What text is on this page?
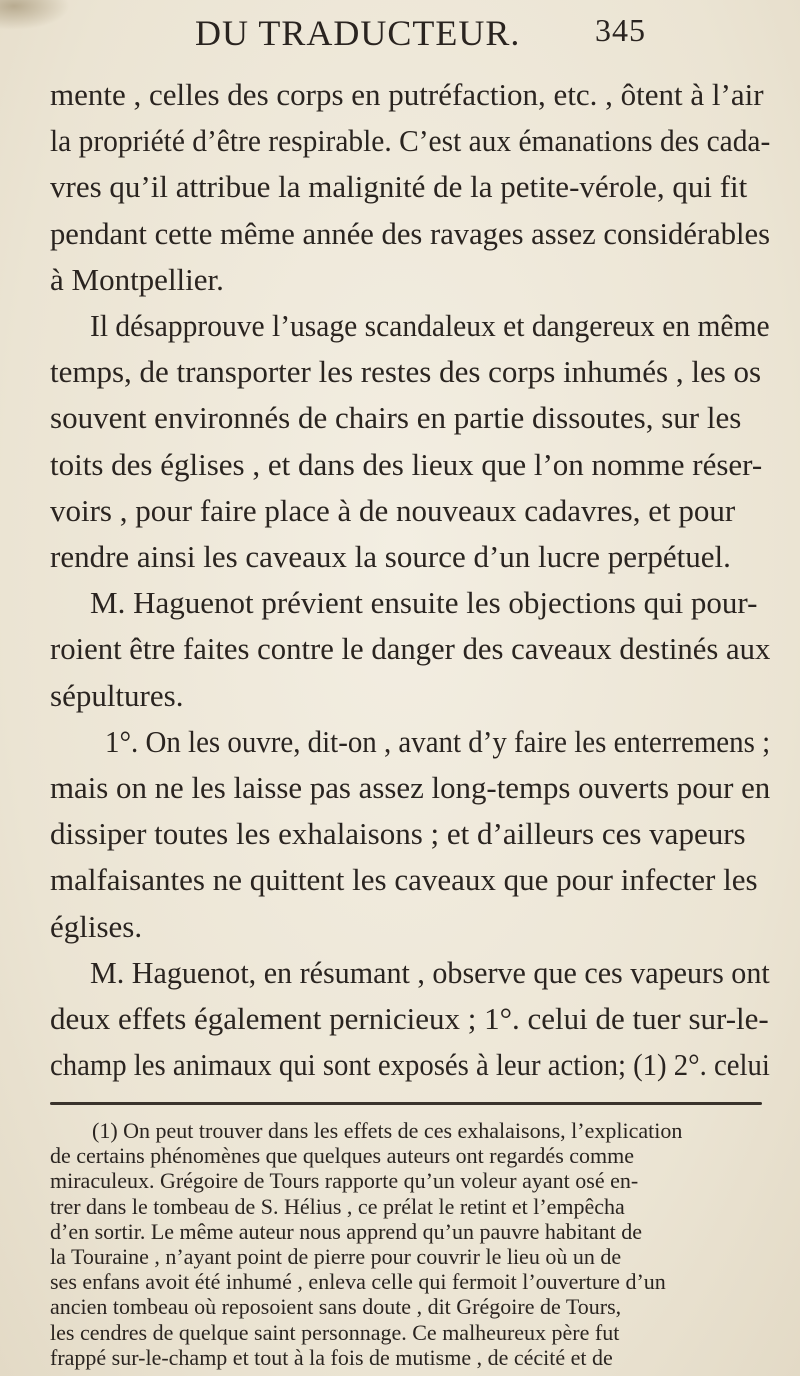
DU TRADUCTEUR. 345
mente , celles des corps en putréfaction, etc. , ôtent à l’air
la propriété d’être respirable. C’est aux émanations des cada-
vres qu’il attribue la malignité de la petite-vérole, qui fit
pendant cette même année des ravages assez considérables
à Montpellier.
Il désapprouve l’usage scandaleux et dangereux en même
temps, de transporter les restes des corps inhumés , les os
souvent environnés de chairs en partie dissoutes, sur les
toits des églises , et dans des lieux que l’on nomme réser-
voirs , pour faire place à de nouveaux cadavres, et pour
rendre ainsi les caveaux la source d’un lucre perpétuel.
M. Haguenot prévient ensuite les objections qui pour-
roient être faites contre le danger des caveaux destinés aux
sépultures.
1°. On les ouvre, dit-on , avant d’y faire les enterremens ;
mais on ne les laisse pas assez long-temps ouverts pour en
dissiper toutes les exhalaisons ; et d’ailleurs ces vapeurs
malfaisantes ne quittent les caveaux que pour infecter les
églises.
M. Haguenot, en résumant , observe que ces vapeurs ont
deux effets également pernicieux ; 1°. celui de tuer sur-le-
champ les animaux qui sont exposés à leur action; (1) 2°. celui
(1) On peut trouver dans les effets de ces exhalaisons, l’explication
de certains phénomènes que quelques auteurs ont regardés comme
miraculeux. Grégoire de Tours rapporte qu’un voleur ayant osé en-
trer dans le tombeau de S. Hélius , ce prélat le retint et l’empêcha
d’en sortir. Le même auteur nous apprend qu’un pauvre habitant de
la Touraine , n’ayant point de pierre pour couvrir le lieu où un de
ses enfans avoit été inhumé , enleva celle qui fermoit l’ouverture d’un
ancien tombeau où reposoient sans doute , dit Grégoire de Tours,
les cendres de quelque saint personnage. Ce malheureux père fut
frappé sur-le-champ et tout à la fois de mutisme , de cécité et de
